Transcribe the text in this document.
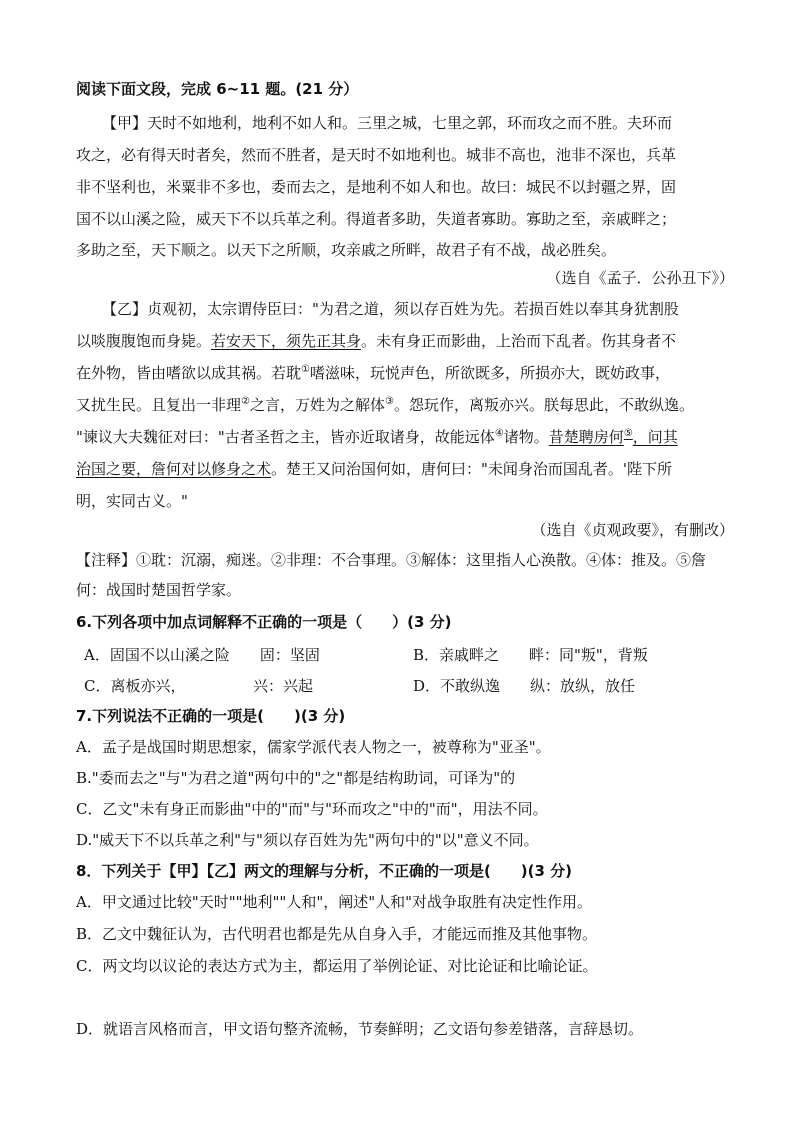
阅读下面文段，完成 6~11 题。(21 分）
【甲】天时不如地利，地利不如人和。三里之城，七里之郭，环而攻之而不胜。夫环而
攻之，必有得天时者矣，然而不胜者，是天时不如地利也。城非不高也，池非不深也，兵革
非不坚利也，米粟非不多也，委而去之，是地利不如人和也。故曰：城民不以封疆之界，固
国不以山溪之险，威天下不以兵革之利。得道者多助，失道者寡助。寡助之至，亲戚畔之；
多助之至，天下顺之。以天下之所顺，攻亲戚之所畔，故君子有不战，战必胜矣。
（选自《孟子．公孙丑下》）
【乙】贞观初，太宗谓侍臣曰："为君之道，须以存百姓为先。若损百姓以奉其身犹割股
以啖腹腹饱而身毙。若安天下，须先正其身。未有身正而影曲，上治而下乱者。伤其身者不
在外物，皆由嗜欲以成其祸。若耽①嗜滋味，玩悦声色，所欲既多，所损亦大，既妨政事，
又扰生民。且复出一非理②之言，万姓为之解体③。怨玩作，离叛亦兴。朕每思此，不敢纵逸。
"谏议大夫魏征对曰："古者圣哲之主，皆亦近取诸身，故能远体④诸物。昔楚聘房何⑤，问其
治国之要，詹何对以修身之术。楚王又问治国何如，唐何曰："未闻身治而国乱者。'陛下所
明，实同古义。"
（选自《贞观政要》，有删改）
【注释】①耽：沉溺，痴迷。②非理：不合事理。③解体：这里指人心涣散。④体：推及。⑤詹
何：战国时楚国哲学家。
6.下列各项中加点词解释不正确的一项是（　　）(3 分)
A．固国不以山溪之险　　固：坚固	B．亲戚畔之　　畔：同"叛"，背叛
C．离板亦兴，　　　　　兴：兴起	D．不敢纵逸　　纵：放纵，放任
7.下列说法不正确的一项是(　　)(3 分)
A．孟子是战国时期思想家，儒家学派代表人物之一，被尊称为"亚圣"。
B."委而去之"与"为君之道"两句中的"之"都是结构助词，可译为"的
C．乙文"未有身正而影曲"中的"而"与"环而攻之"中的"而"，用法不同。
D."威天下不以兵革之利"与"须以存百姓为先"两句中的"以"意义不同。
8．下列关于【甲】【乙】两文的理解与分析，不正确的一项是(　　)(3 分)
A．甲文通过比较"天时""地利""人和"，阐述"人和"对战争取胜有决定性作用。
B．乙文中魏征认为，古代明君也都是先从自身入手，才能远而推及其他事物。
C．两文均以议论的表达方式为主，都运用了举例论证、对比论证和比喻论证。
D．就语言风格而言，甲文语句整齐流畅，节奏鲜明；乙文语句参差错落，言辞恳切。
